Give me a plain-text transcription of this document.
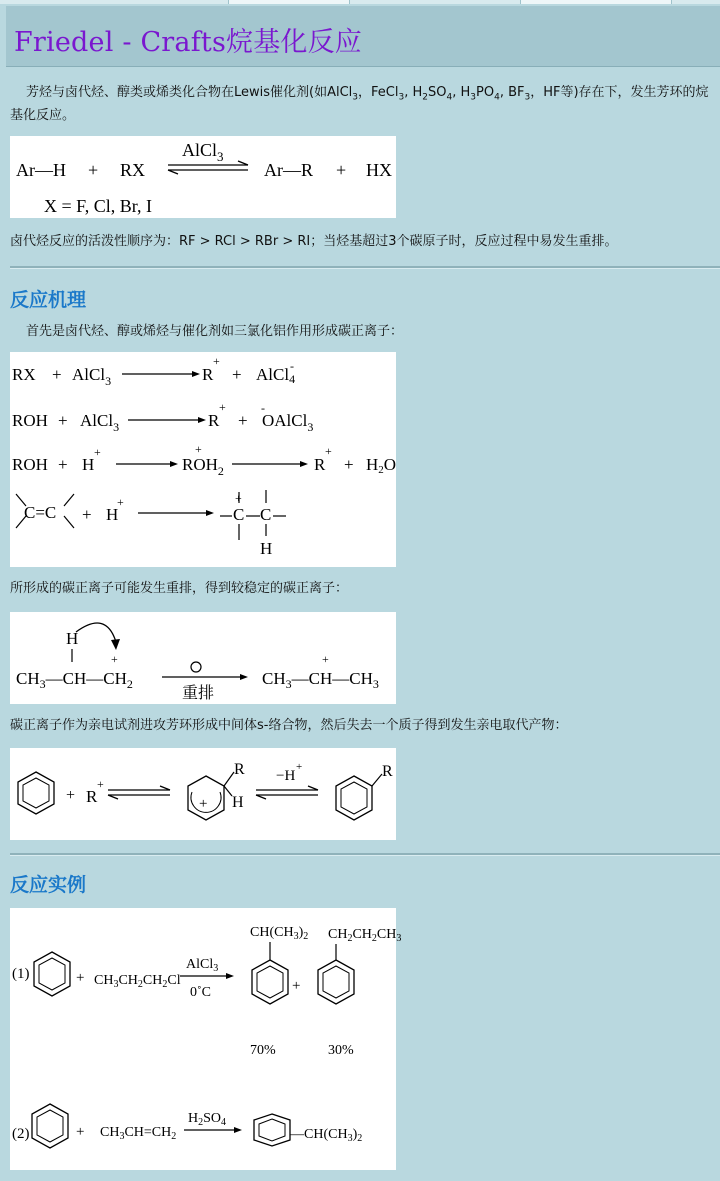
Friedel - Crafts烷基化反应
芳烃与卤代烃、醇类或烯类化合物在Lewis催化剂(如AlCl$_3$，FeCl$_3$, $H_2SO_4$, $H_3PO_4$, $BF_3$，HF等)存在下，发生芳环的烷基化反应。
Ar—H + RX
AlCl$_3$
Ar—R + HX
X = F, Cl, Br, I
卤代烃反应的活泼性顺序为：RF > RCl > RBr > RI；当烃基超过3个碳原子时，反应过程中易发生重排。
反应机理
首先是卤代烃、醇或烯烃与催化剂如三氯化铝作用形成碳正离子：
RX + AlCl$_3$	R
+
+ AlCl4
-
ROH + AlCl$_3$	R
+
+ OAlCl$_3$
-
ROH + H
+
$ROH_2$
+
R
+
+ H2O
C=C + H
+
C
+
C
H
所形成的碳正离子可能发生重排，得到较稳定的碳正离子：
H
+
$CH_3—CH—CH_2$
重排
+
$CH_3—CH—CH_3$
碳正离子作为亲电试剂进攻芳环形成中间体s-络合物，然后失去一个质子得到发生亲电取代产物：
+ R
+
+
R
H
−H
+	R
反应实例
(1)	+ $CH_3CH_2CH_2Cl$
AlCl$_3$
0˚C
$CH(CH_3)_2$
+
$CH_2CH_2CH_3$
70%	30%
(2)	+ $CH_3CH=CH_2$
$H_2SO_4$
$—CH(CH_3)_2$
